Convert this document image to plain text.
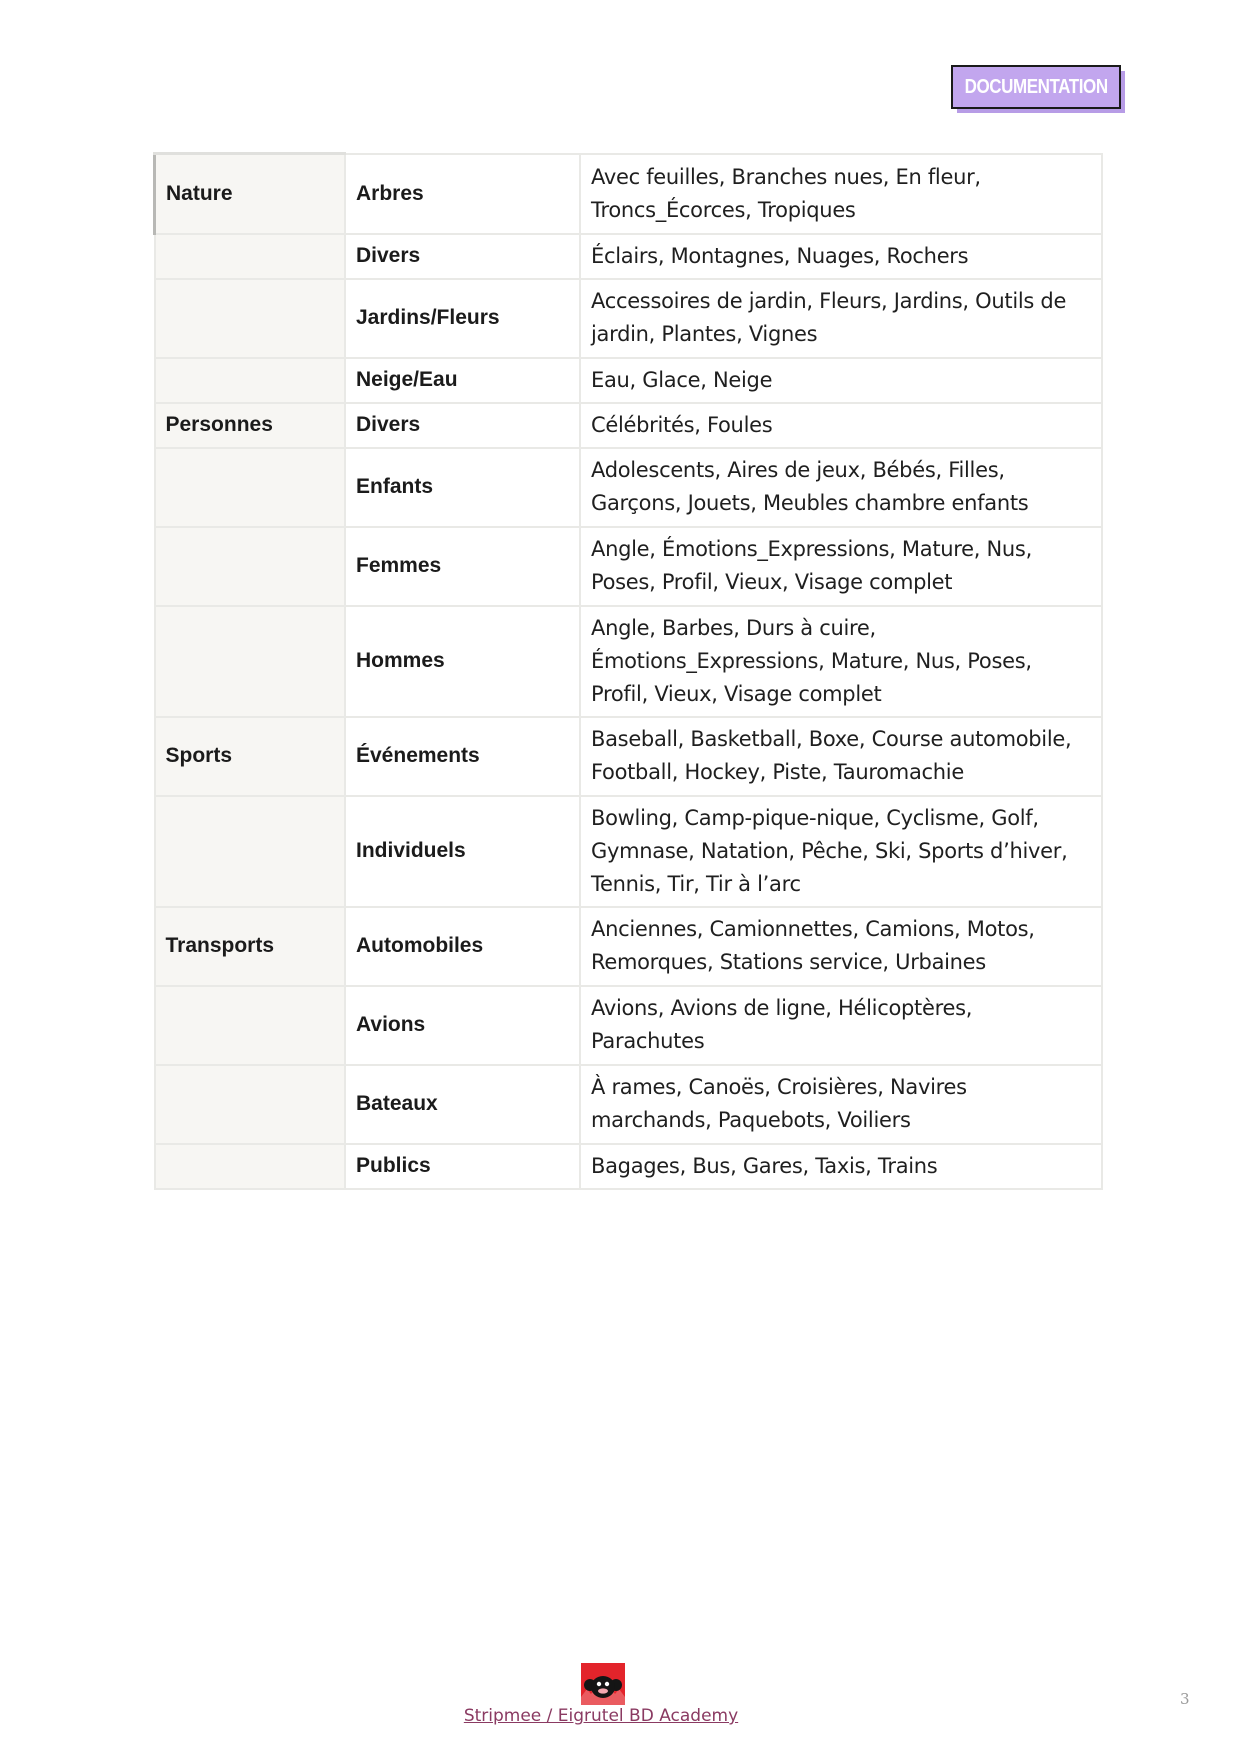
DOCUMENTATION
Nature	Arbres	Avec feuilles, Branches nues, En fleur, Troncs_Écorces, Tropiques
	Divers	Éclairs, Montagnes, Nuages, Rochers
	Jardins/Fleurs	Accessoires de jardin, Fleurs, Jardins, Outils de jardin, Plantes, Vignes
	Neige/Eau	Eau, Glace, Neige
Personnes	Divers	Célébrités, Foules
	Enfants	Adolescents, Aires de jeux, Bébés, Filles, Garçons, Jouets, Meubles chambre enfants
	Femmes	Angle, Émotions_Expressions, Mature, Nus, Poses, Profil, Vieux, Visage complet
	Hommes	Angle, Barbes, Durs à cuire, Émotions_Expressions, Mature, Nus, Poses, Profil, Vieux, Visage complet
Sports	Événements	Baseball, Basketball, Boxe, Course automobile, Football, Hockey, Piste, Tauromachie
	Individuels	Bowling, Camp-pique-nique, Cyclisme, Golf, Gymnase, Natation, Pêche, Ski, Sports d’hiver, Tennis, Tir, Tir à l’arc
Transports	Automobiles	Anciennes, Camionnettes, Camions, Motos, Remorques, Stations service, Urbaines
	Avions	Avions, Avions de ligne, Hélicoptères, Parachutes
	Bateaux	À rames, Canoës, Croisières, Navires marchands, Paquebots, Voiliers
	Publics	Bagages, Bus, Gares, Taxis, Trains
Stripmee / Eigrutel BD Academy
3
